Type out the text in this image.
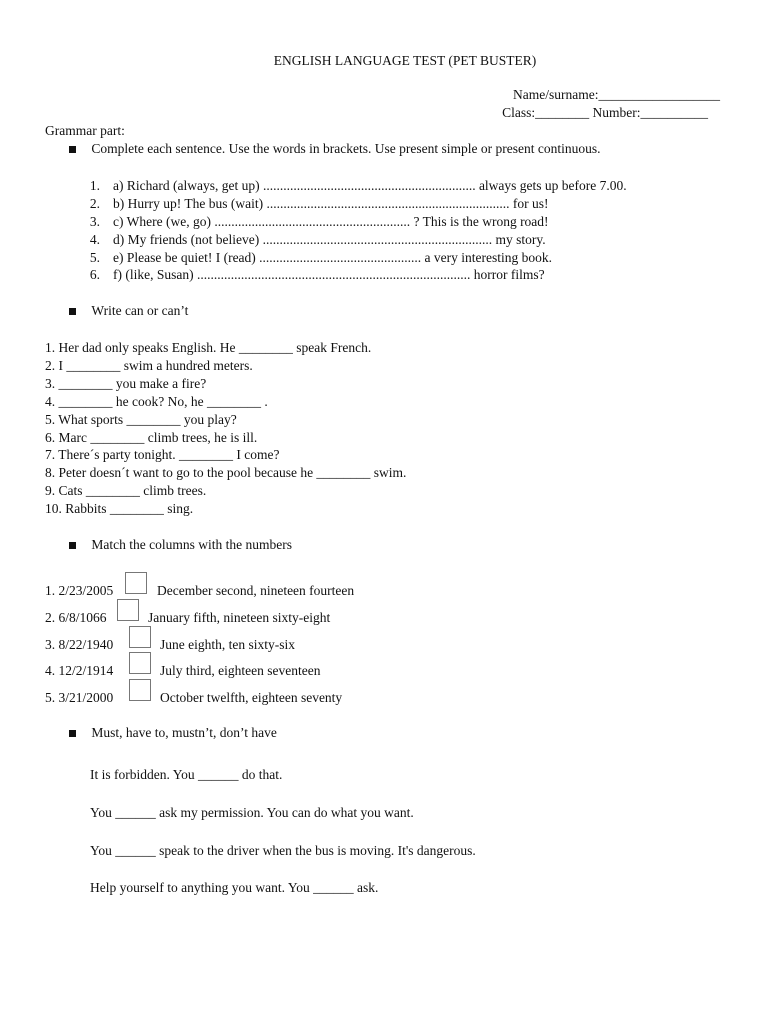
ENGLISH LANGUAGE TEST (PET BUSTER)
Name/surname:__________________
Class:________ Number:__________
Grammar part:
Complete each sentence. Use the words in brackets. Use present simple or present continuous.
1. a) Richard (always, get up) ............................................................... always gets up before 7.00.
2. b) Hurry up! The bus (wait) ........................................................................ for us!
3. c) Where (we, go) .......................................................... ? This is the wrong road!
4. d) My friends (not believe) .................................................................... my story.
5. e) Please be quiet! I (read) ................................................ a very interesting book.
6. f) (like, Susan) ................................................................................. horror films?
Write can or can’t
1. Her dad only speaks English. He ________ speak French.
2. I ________ swim a hundred meters.
3. ________ you make a fire?
4. ________ he cook? No, he ________ .
5. What sports ________ you play?
6. Marc ________ climb trees, he is ill.
7. There´s party tonight. ________ I come?
8. Peter doesn´t want to go to the pool because he ________ swim.
9. Cats ________ climb trees.
10. Rabbits ________ sing.
Match the columns with the numbers
1. 2/23/2005	December second, nineteen fourteen
2. 6/8/1066	January fifth, nineteen sixty-eight
3. 8/22/1940	June eighth, ten sixty-six
4. 12/2/1914	July third, eighteen seventeen
5. 3/21/2000	October twelfth, eighteen seventy
Must, have to, mustn’t, don’t have
It is forbidden. You ______ do that.
You ______ ask my permission. You can do what you want.
You ______ speak to the driver when the bus is moving. It's dangerous.
Help yourself to anything you want. You ______ ask.
